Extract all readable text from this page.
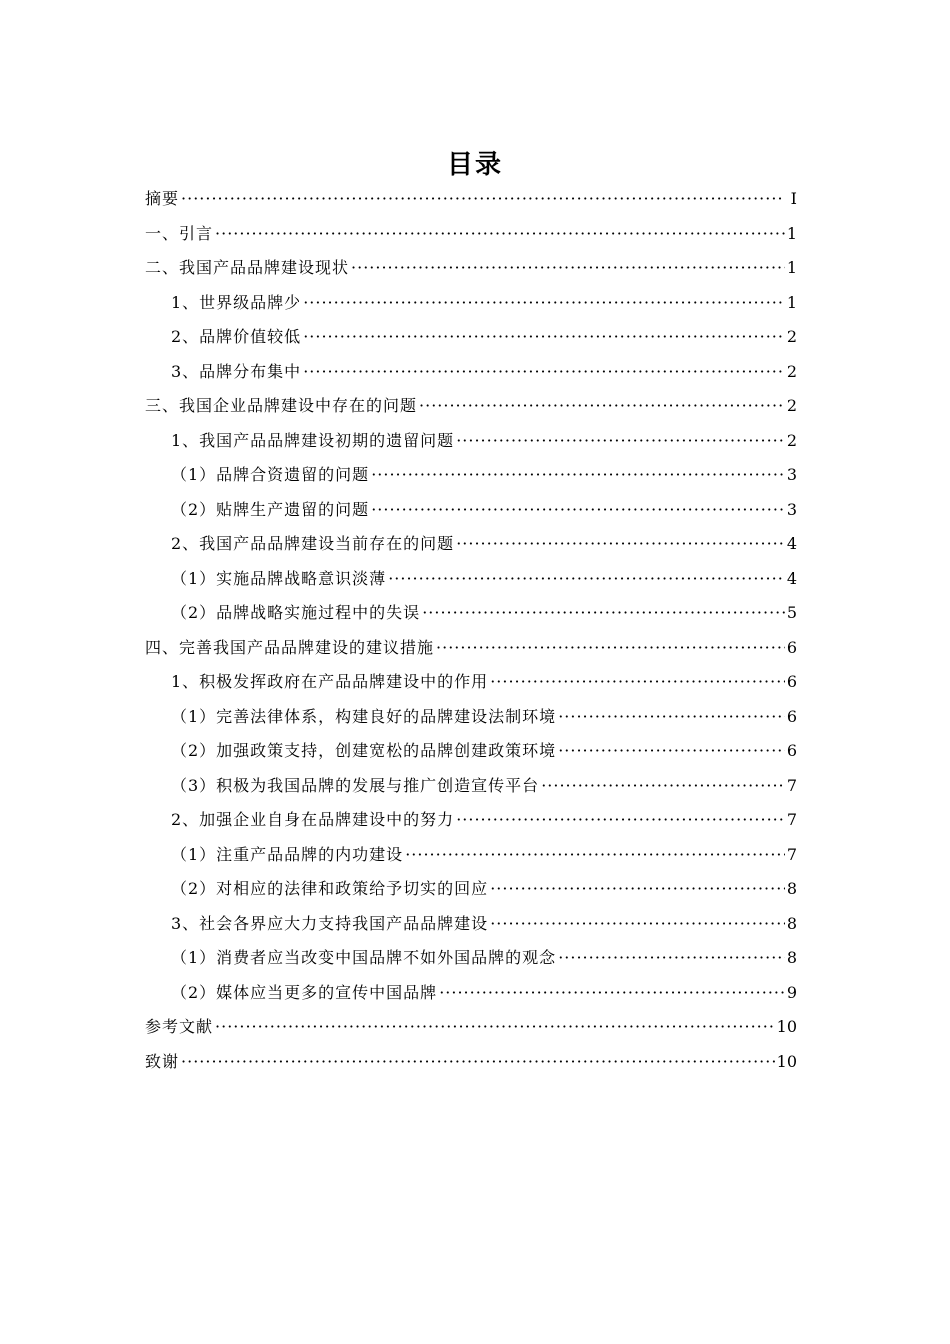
目录
摘要 ·····	I
一、引言 ·····	1
二、我国产品品牌建设现状 ·····	1
1、世界级品牌少 ·····	1
2、品牌价值较低 ·····	2
3、品牌分布集中 ·····	2
三、我国企业品牌建设中存在的问题 ·····	2
1、我国产品品牌建设初期的遗留问题 ·····	2
（1）品牌合资遗留的问题 ·····	3
（2）贴牌生产遗留的问题 ·····	3
2、我国产品品牌建设当前存在的问题 ·····	4
（1）实施品牌战略意识淡薄 ·····	4
（2）品牌战略实施过程中的失误 ·····	5
四、完善我国产品品牌建设的建议措施 ·····	6
1、积极发挥政府在产品品牌建设中的作用 ·····	6
（1）完善法律体系，构建良好的品牌建设法制环境 ·····	6
（2）加强政策支持，创建宽松的品牌创建政策环境 ·····	6
（3）积极为我国品牌的发展与推广创造宣传平台 ·····	7
2、加强企业自身在品牌建设中的努力 ·····	7
（1）注重产品品牌的内功建设 ·····	7
（2）对相应的法律和政策给予切实的回应 ·····	8
3、社会各界应大力支持我国产品品牌建设 ·····	8
（1）消费者应当改变中国品牌不如外国品牌的观念 ·····	8
（2）媒体应当更多的宣传中国品牌 ·····	9
参考文献 ·····	10
致谢 ·····	10
